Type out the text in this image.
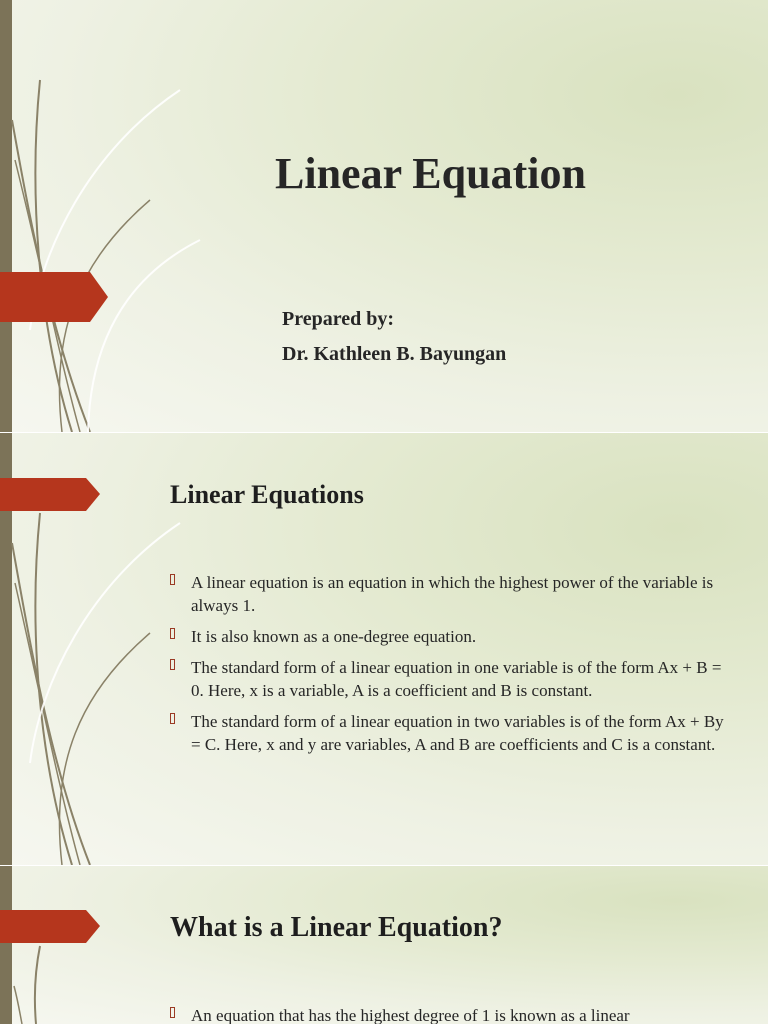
Linear Equation
Prepared by:
Dr. Kathleen B. Bayungan
Linear Equations
A linear equation is an equation in which the highest power of the variable is always 1.
It is also known as a one-degree equation.
The standard form of a linear equation in one variable is of the form Ax + B = 0. Here, x is a variable, A is a coefficient and B is constant.
The standard form of a linear equation in two variables is of the form Ax + By = C. Here, x and y are variables, A and B are coefficients and C is a constant.
What is a Linear Equation?
An equation that has the highest degree of 1 is known as a linear
